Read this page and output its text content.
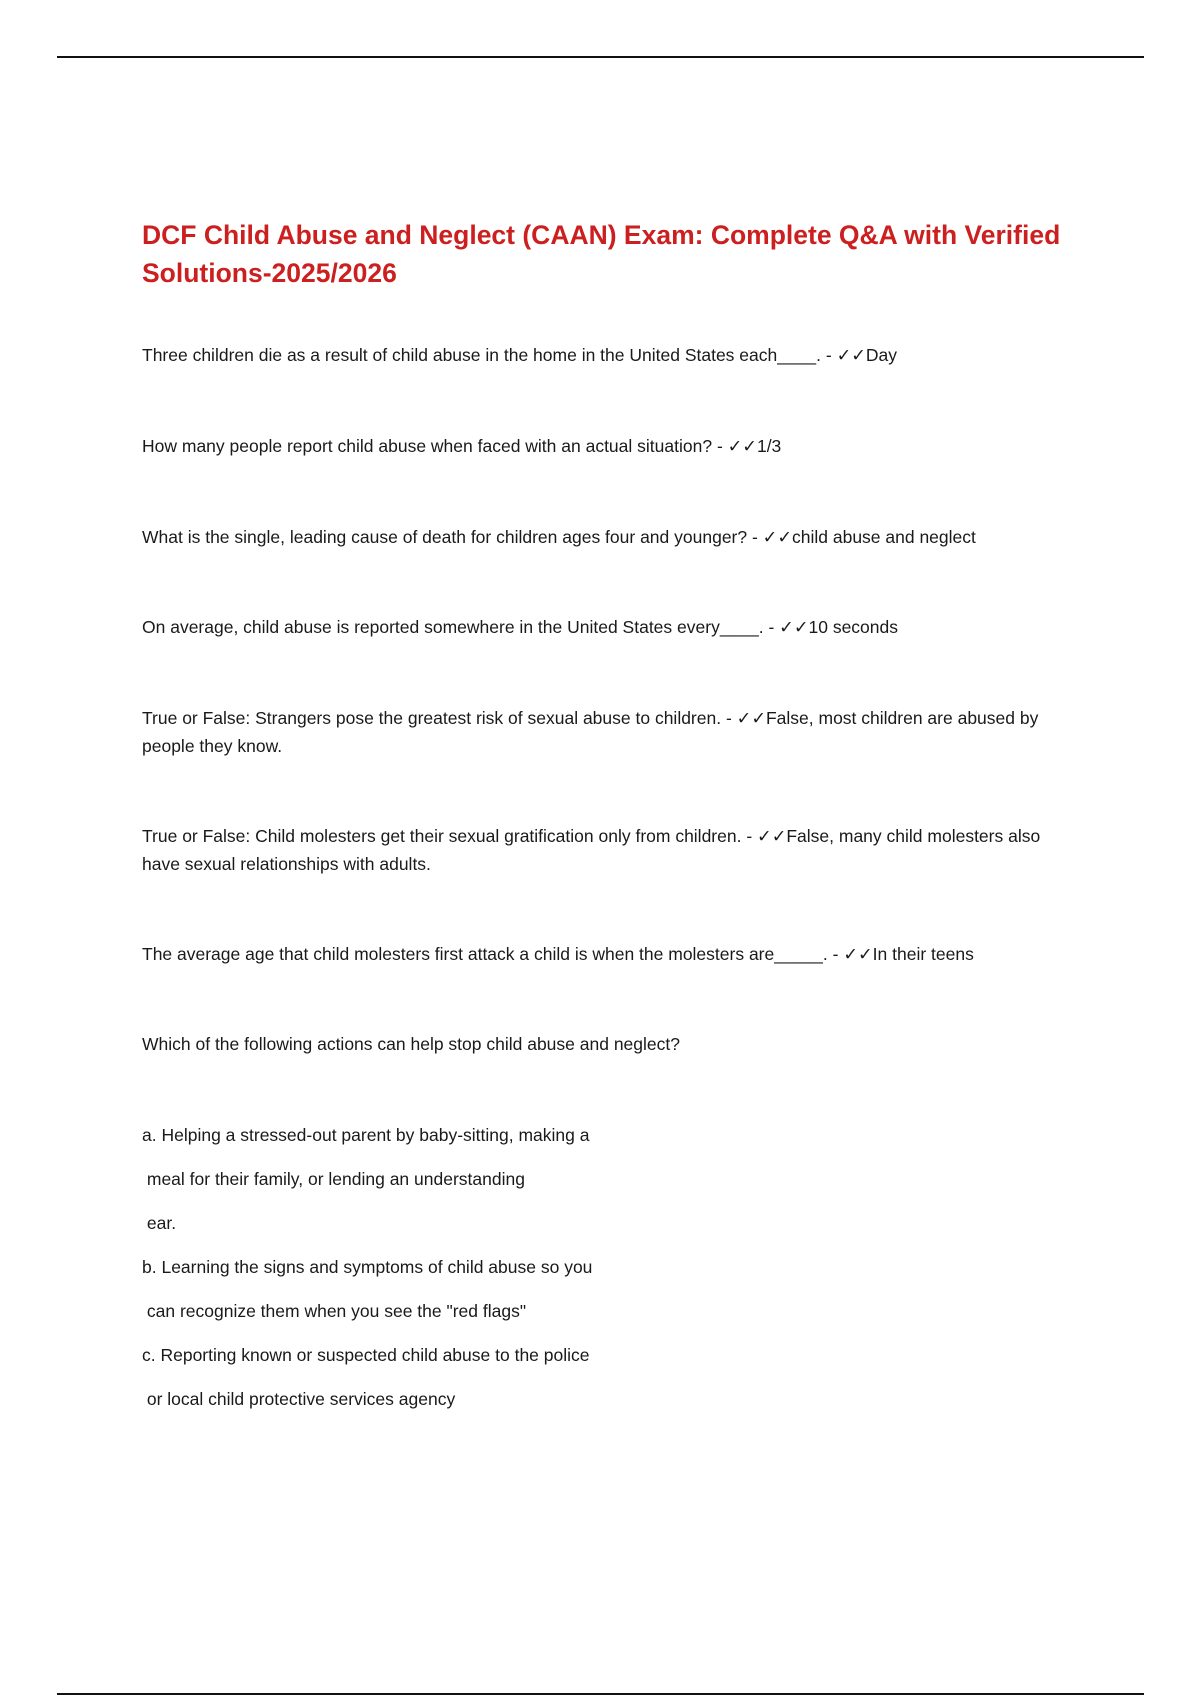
DCF Child Abuse and Neglect (CAAN) Exam: Complete Q&A with Verified Solutions-2025/2026
Three children die as a result of child abuse in the home in the United States each____. - ✓✓Day
How many people report child abuse when faced with an actual situation? - ✓✓1/3
What is the single, leading cause of death for children ages four and younger? - ✓✓child abuse and neglect
On average, child abuse is reported somewhere in the United States every____. - ✓✓10 seconds
True or False: Strangers pose the greatest risk of sexual abuse to children. - ✓✓False, most children are abused by people they know.
True or False: Child molesters get their sexual gratification only from children. - ✓✓False, many child molesters also have sexual relationships with adults.
The average age that child molesters first attack a child is when the molesters are_____. - ✓✓In their teens
Which of the following actions can help stop child abuse and neglect?
a. Helping a stressed-out parent by baby-sitting, making a
meal for their family, or lending an understanding
ear.
b. Learning the signs and symptoms of child abuse so you
can recognize them when you see the "red flags"
c. Reporting known or suspected child abuse to the police
or local child protective services agency
